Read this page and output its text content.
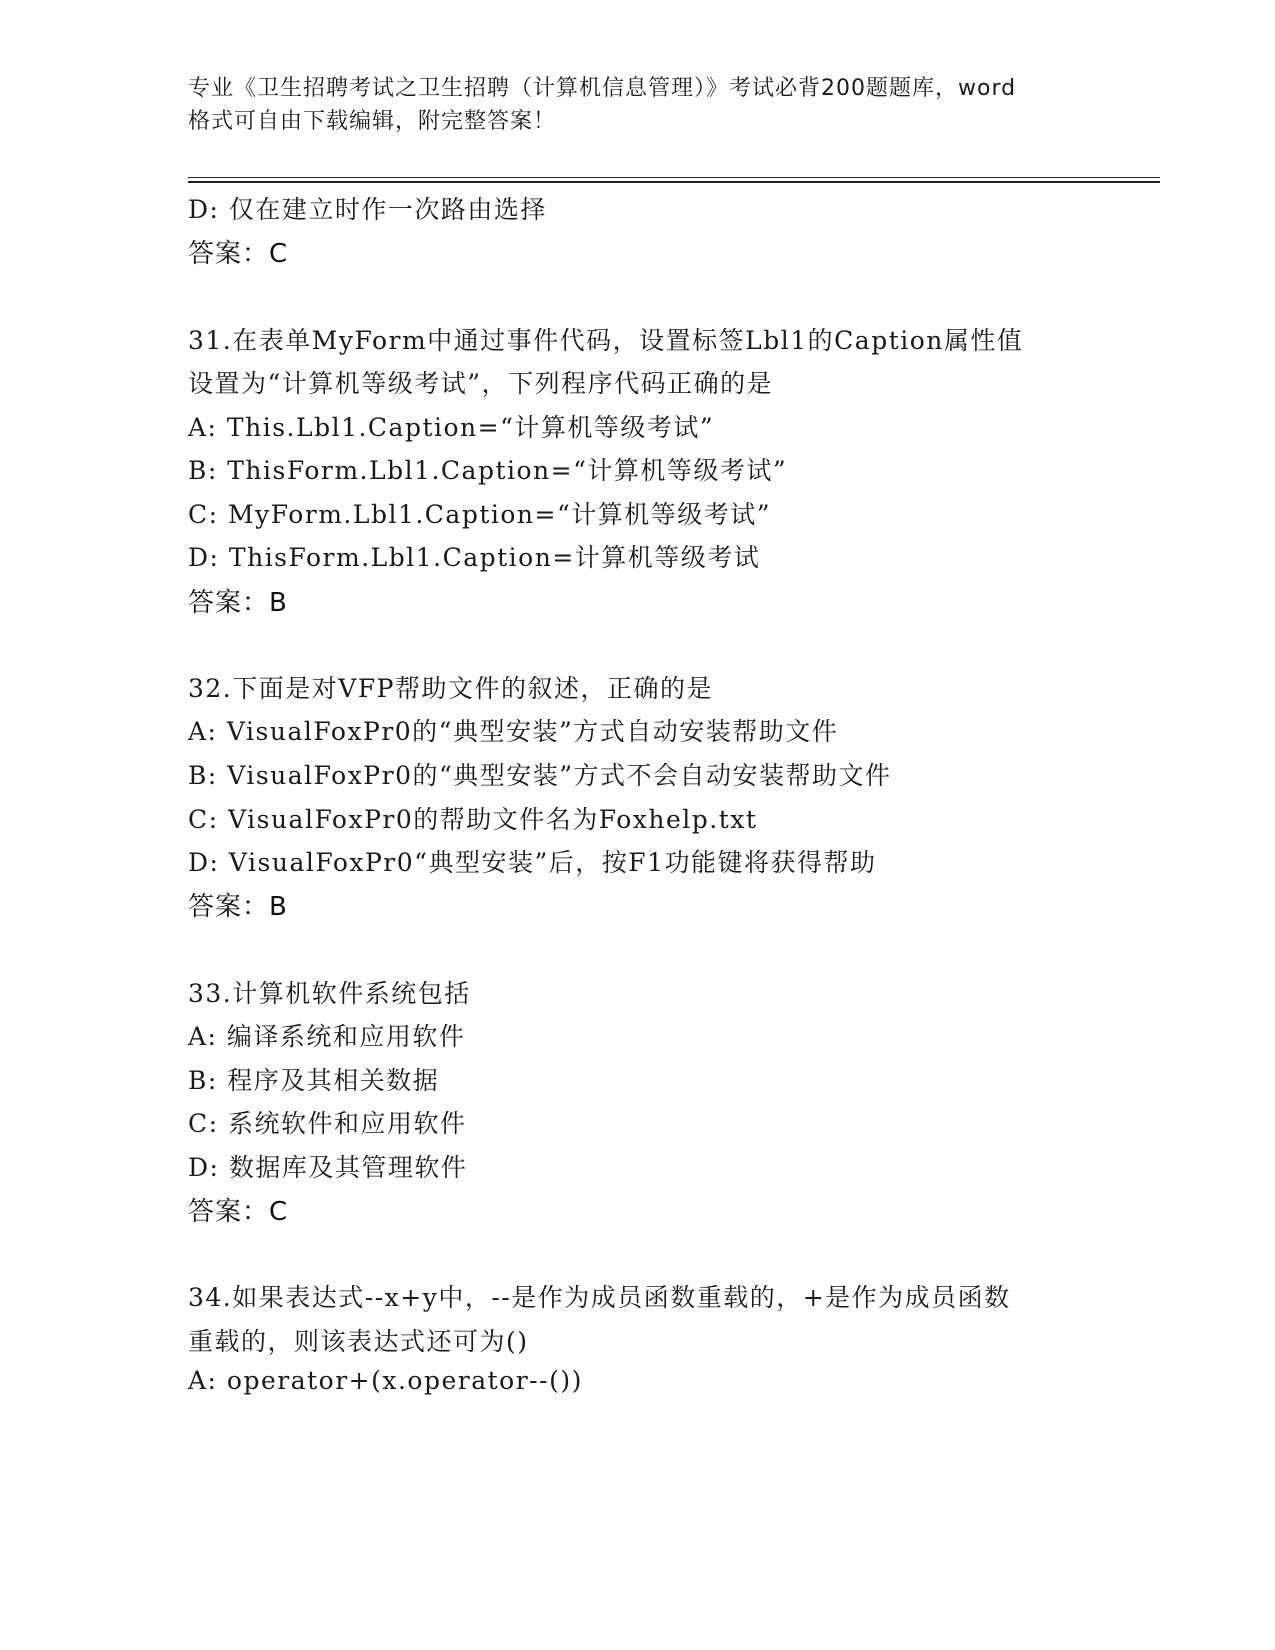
专业《卫生招聘考试之卫生招聘（计算机信息管理）》考试必背200题题库，word
格式可自由下载编辑，附完整答案！
D: 仅在建立时作一次路由选择
答案：C
31.在表单MyForm中通过事件代码，设置标签Lbl1的Caption属性值
设置为“计算机等级考试”，下列程序代码正确的是
A: This.Lbl1.Caption=“计算机等级考试”
B: ThisForm.Lbl1.Caption=“计算机等级考试”
C: MyForm.Lbl1.Caption=“计算机等级考试”
D: ThisForm.Lbl1.Caption=计算机等级考试
答案：B
32.下面是对VFP帮助文件的叙述，正确的是
A: VisualFoxPr0的“典型安装”方式自动安装帮助文件
B: VisualFoxPr0的“典型安装”方式不会自动安装帮助文件
C: VisualFoxPr0的帮助文件名为Foxhelp.txt
D: VisualFoxPr0“典型安装”后，按F1功能键将获得帮助
答案：B
33.计算机软件系统包括
A: 编译系统和应用软件
B: 程序及其相关数据
C: 系统软件和应用软件
D: 数据库及其管理软件
答案：C
34.如果表达式--x+y中，--是作为成员函数重载的，+是作为成员函数
重载的，则该表达式还可为()
A: operator+(x.operator--())
